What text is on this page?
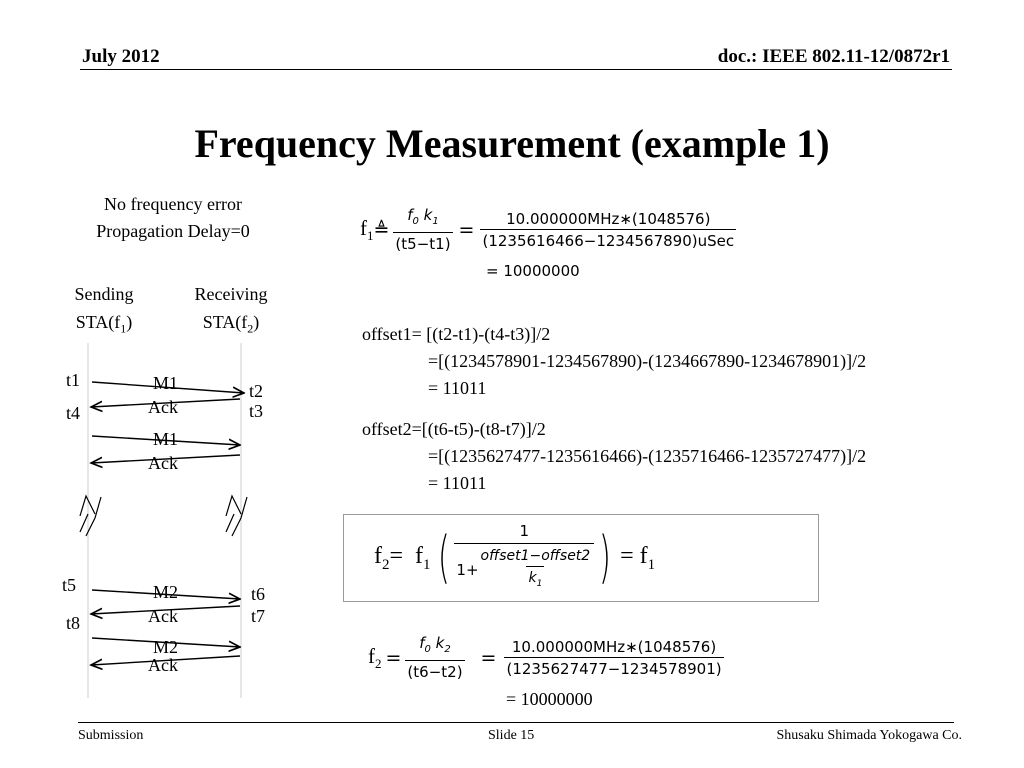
July 2012	doc.: IEEE 802.11-12/0872r1
Frequency Measurement (example 1)
No frequency error
Propagation Delay=0
Sending
$STA(f_1)$
Receiving
$STA(f_2)$
t1
t4
t5
t8
t2
t3
t6
t7
M1
Ack
M1
Ack
M2
Ack
M2
Ack
$f_1$ ≜ $\frac{f_0 k_1}{(t5-t1)} = \frac{\text{10.000000MHz∗(1048576)}}{\text{(1235616466−1234567890)uSec}}$
= 10000000
offset1= [(t2-t1)-(t4-t3)]/2
=[(1234578901-1234567890)-(1234667890-1234678901)]/2
= 11011
offset2=[(t6-t5)-(t8-t7)]/2
=[(1235627477-1235616466)-(1235716466-1235727477)]/2
= 11011
$f_2= f_1$ ( $\frac{1}{1+ \frac{\text{offset1−offset2}}{k_1}}$ ) = $f_1$
$f_2 = \frac{f_0 k_2}{(t6-t2)} = \frac{\text{10.000000MHz∗(1048576)}}{(1235627477-1234578901)}$
= 10000000
Submission	Slide 15	Shusaku Shimada Yokogawa Co.
